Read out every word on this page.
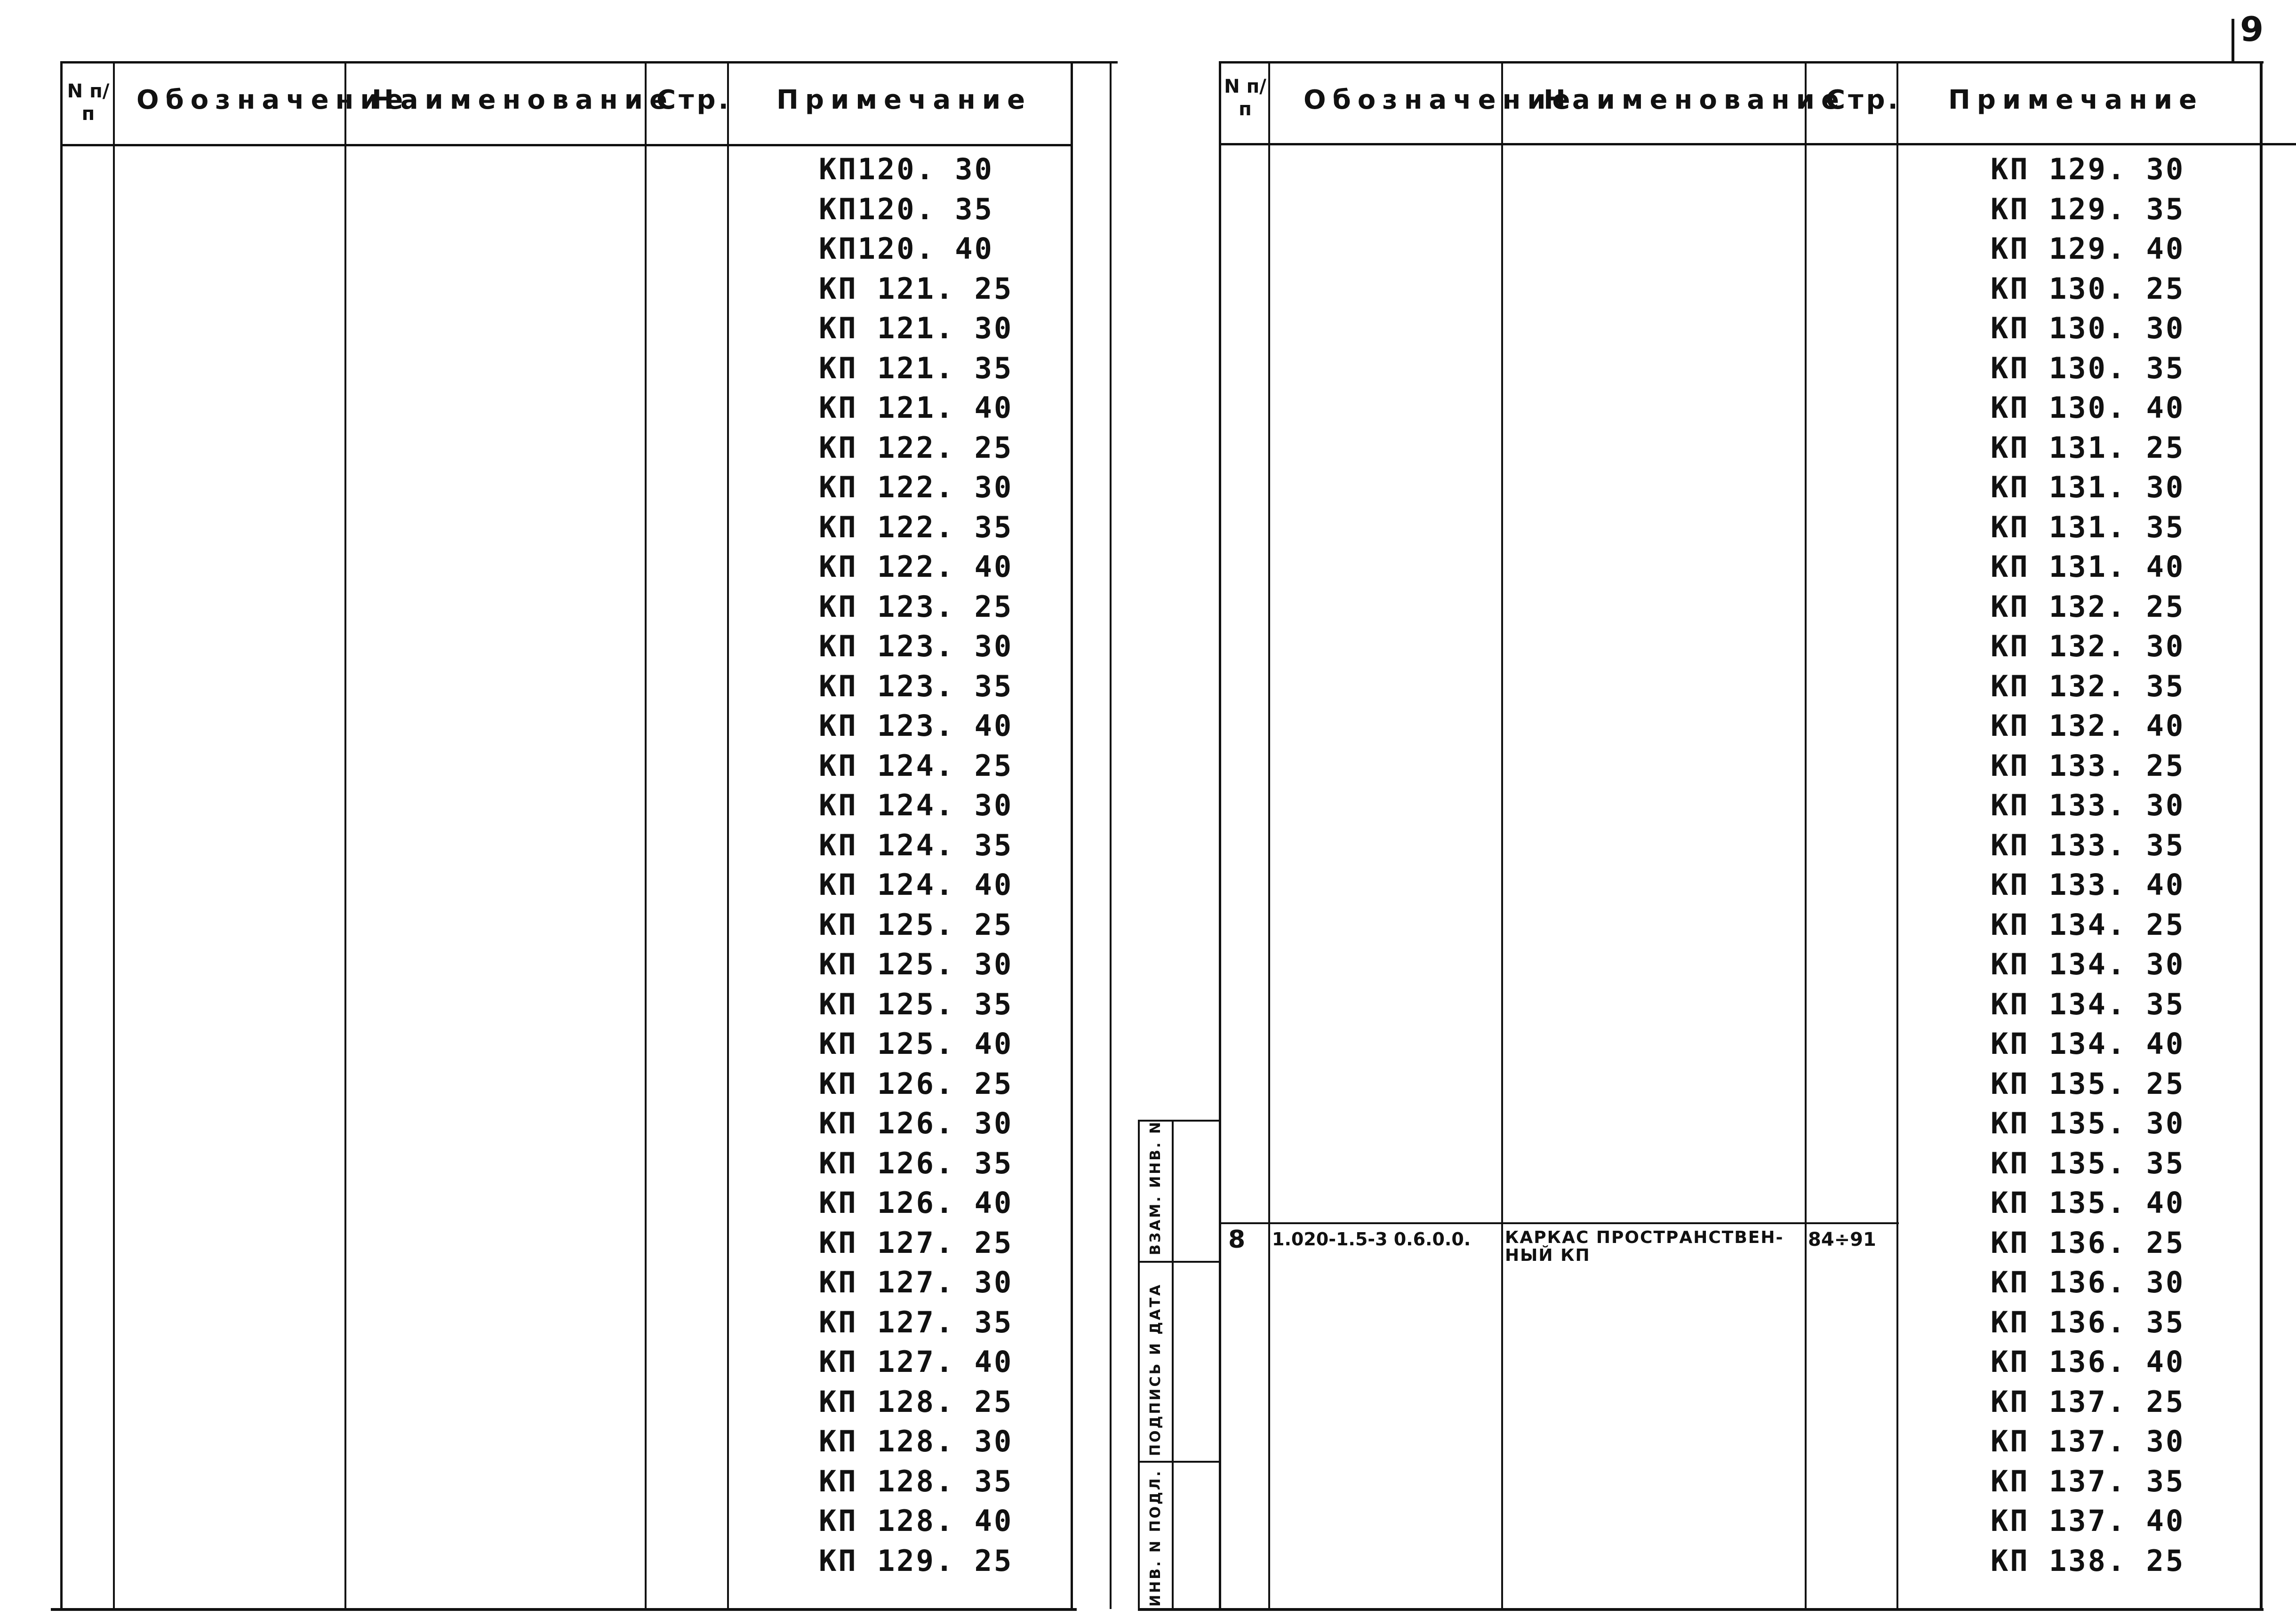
9
N п/п	Обозначение
Наименование
Стр. Примечание
КП120. 30
КП120. 35
КП120. 40
КП 121. 25
КП 121. 30
КП 121. 35
КП 121. 40
КП 122. 25
КП 122. 30
КП 122. 35
КП 122. 40
КП 123. 25
КП 123. 30
КП 123. 35
КП 123. 40
КП 124. 25
КП 124. 30
КП 124. 35
КП 124. 40
КП 125. 25
КП 125. 30
КП 125. 35
КП 125. 40
КП 126. 25
КП 126. 30
КП 126. 35
КП 126. 40
КП 127. 25
КП 127. 30
КП 127. 35
КП 127. 40
КП 128. 25
КП 128. 30
КП 128. 35
КП 128. 40
КП 129. 25
N п/п	Обозначение
Наименование
Стр. Примечание
8 1.020-1.5-3 0.6.0.0. КАРКАС ПРОСТРАНСТВЕН-
НЫЙ КП
84÷91
КП 129. 30
КП 129. 35
КП 129. 40
КП 130. 25
КП 130. 30
КП 130. 35
КП 130. 40
КП 131. 25
КП 131. 30
КП 131. 35
КП 131. 40
КП 132. 25
КП 132. 30
КП 132. 35
КП 132. 40
КП 133. 25
КП 133. 30
КП 133. 35
КП 133. 40
КП 134. 25
КП 134. 30
КП 134. 35
КП 134. 40
КП 135. 25
КП 135. 30
КП 135. 35
КП 135. 40
КП 136. 25
КП 136. 30
КП 136. 35
КП 136. 40
КП 137. 25
КП 137. 30
КП 137. 35
КП 137. 40
КП 138. 25
ИНВ. N ПОДЛ.
ПОДПИСЬ И ДАТА
ВЗАМ. ИНВ. N
